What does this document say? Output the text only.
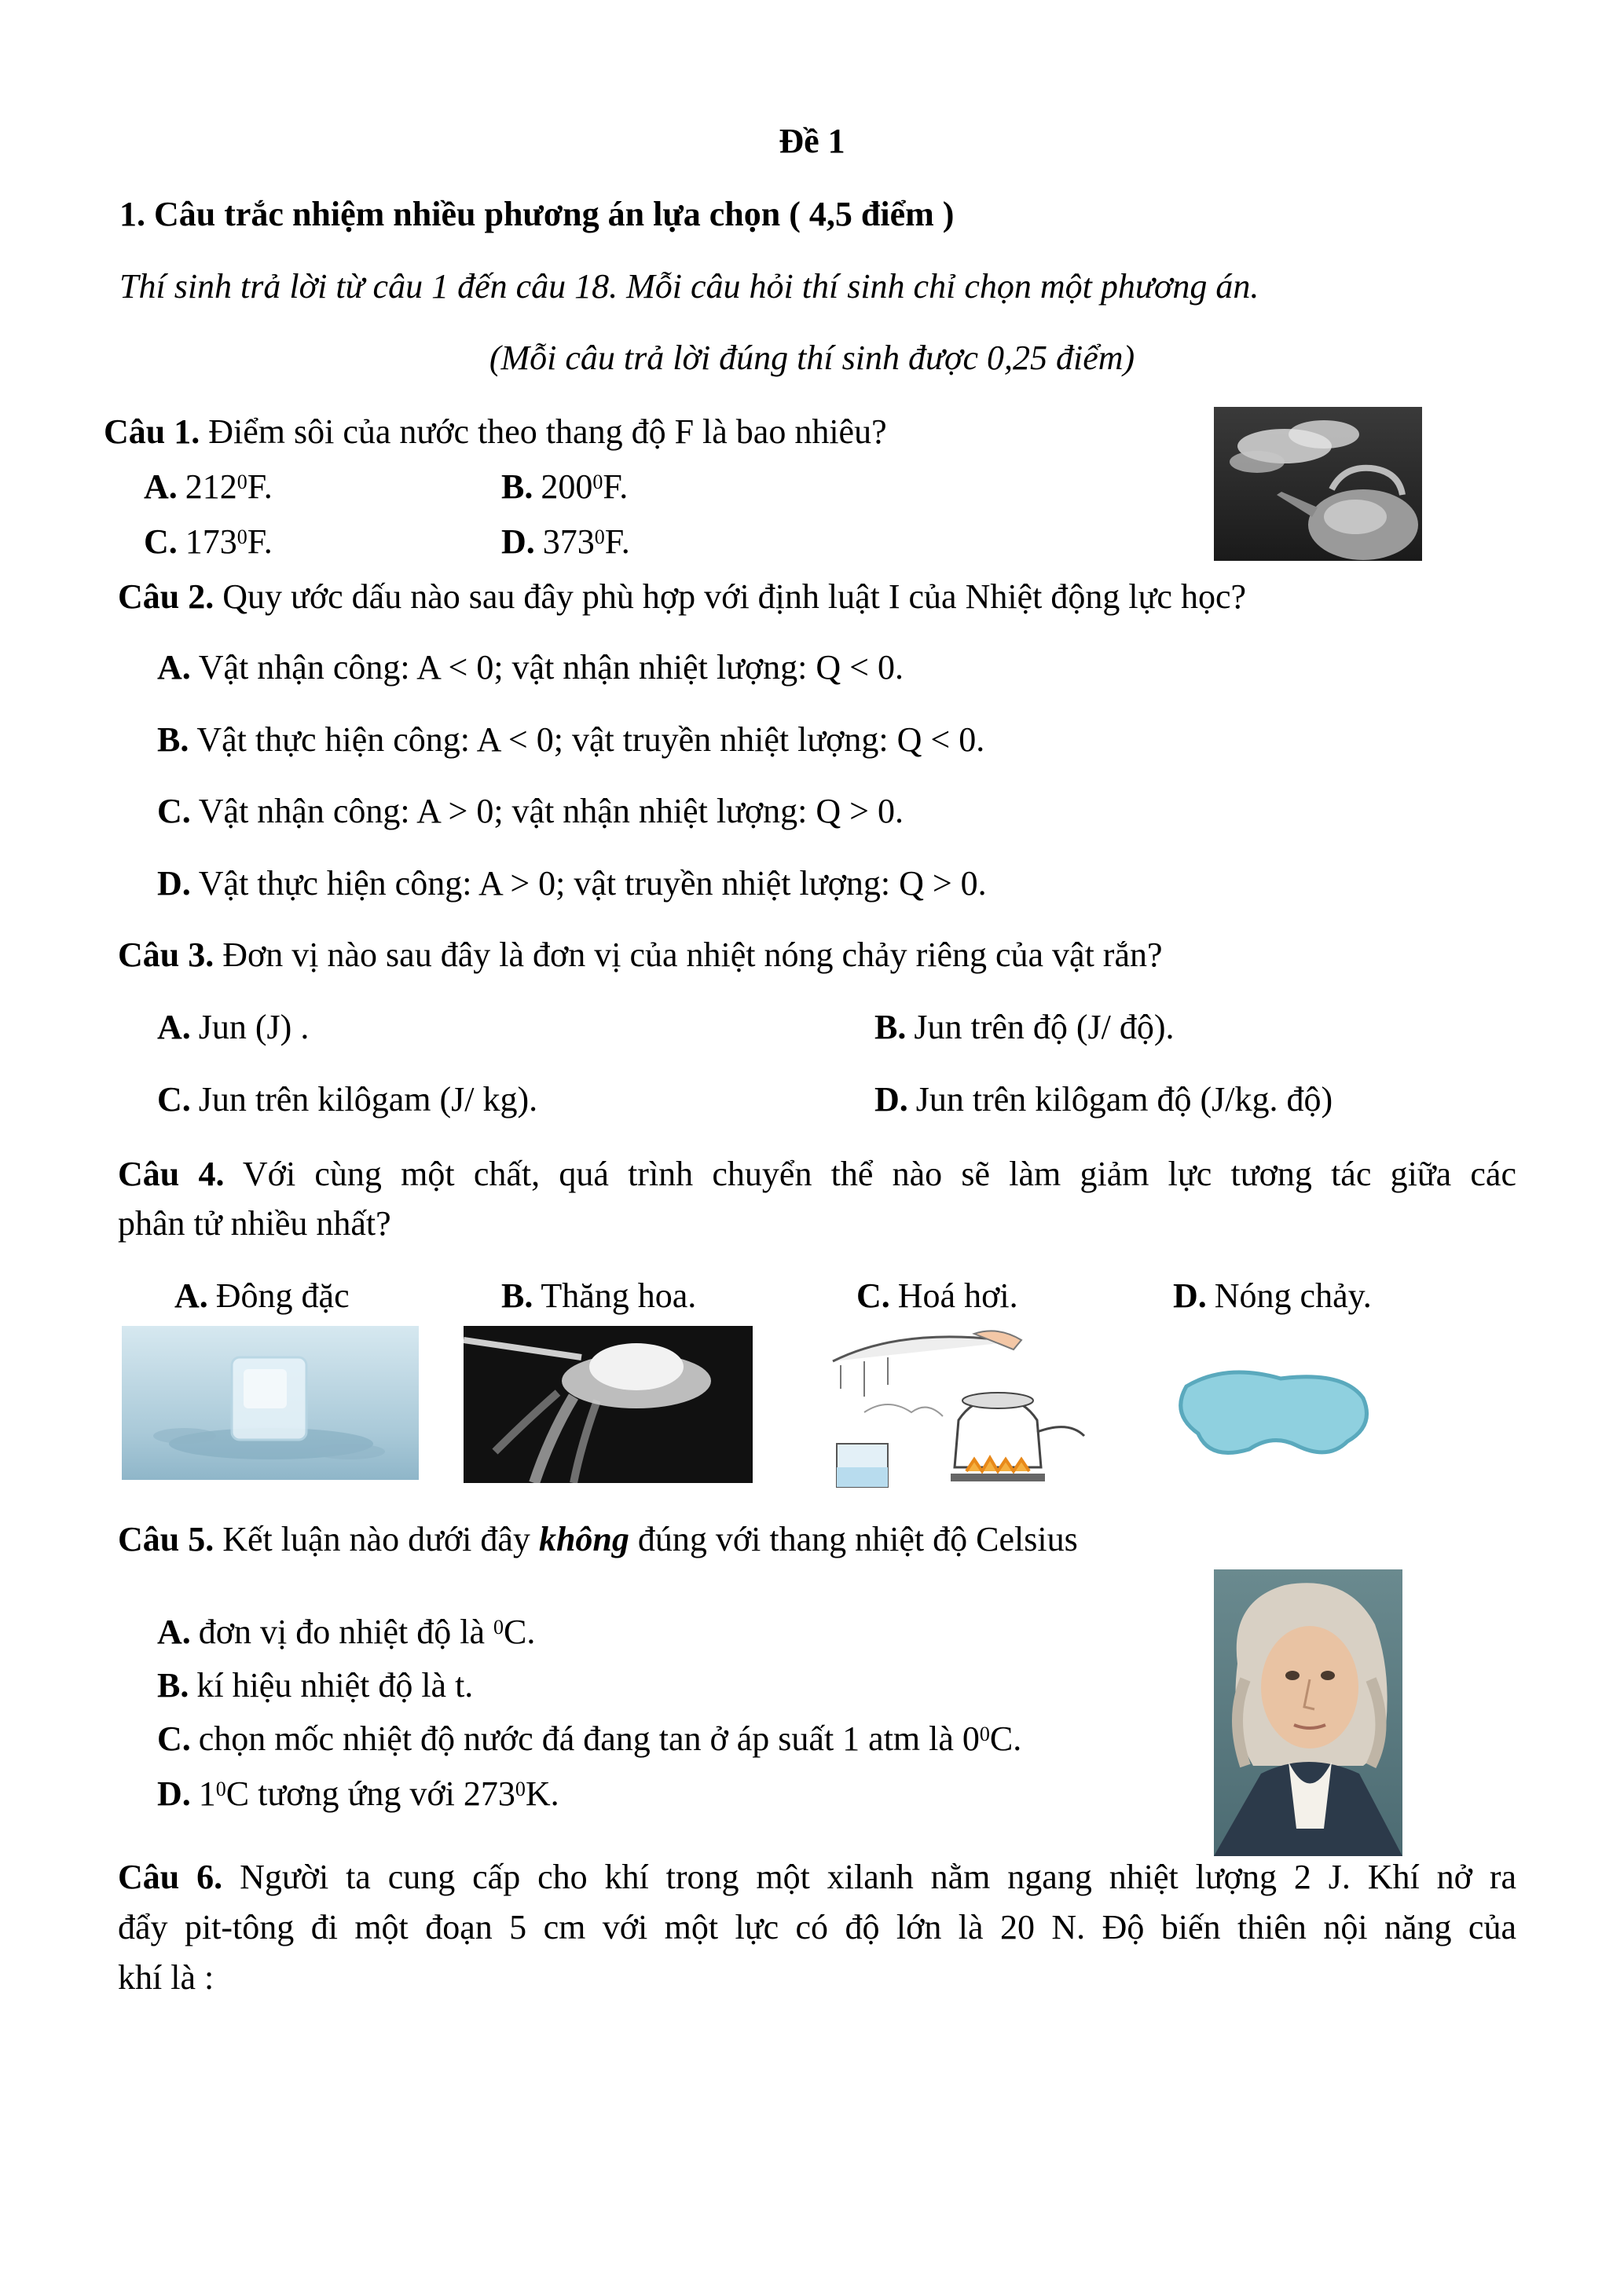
Đề 1
1. Câu trắc nhiệm nhiều phương án lựa chọn ( 4,5 điểm )
Thí sinh trả lời từ câu 1 đến câu 18. Mỗi câu hỏi thí sinh chỉ chọn một phương án.
(Mỗi câu trả lời đúng thí sinh được 0,25 điểm)
Câu 1. Điểm sôi của nước theo thang độ F là bao nhiêu?
A. $212^0F$.	B. $200^0F$.
C. $173^0F$.	D. $373^0F$.
Câu 2. Quy ước dấu nào sau đây phù hợp với định luật I của Nhiệt động lực học?
A. Vật nhận công: A < 0; vật nhận nhiệt lượng: Q < 0.
B. Vật thực hiện công: A < 0; vật truyền nhiệt lượng: Q < 0.
C. Vật nhận công: A > 0; vật nhận nhiệt lượng: Q > 0.
D. Vật thực hiện công: A > 0; vật truyền nhiệt lượng: Q > 0.
Câu 3. Đơn vị nào sau đây là đơn vị của nhiệt nóng chảy riêng của vật rắn?
A. Jun (J) .	B. Jun trên độ (J/ độ).
C. Jun trên kilôgam (J/ kg).	D. Jun trên kilôgam độ (J/kg. độ)
Câu 4. Với cùng một chất, quá trình chuyển thể nào sẽ làm giảm lực tương tác giữa các
phân tử nhiều nhất?
A. Đông đặc	B. Thăng hoa.	C. Hoá hơi.	D. Nóng chảy.
Câu 5. Kết luận nào dưới đây không đúng với thang nhiệt độ Celsius
A. đơn vị đo nhiệt độ là $^0$C.
B. kí hiệu nhiệt độ là t.
C. chọn mốc nhiệt độ nước đá đang tan ở áp suất 1 atm là $0^0C$.
D. $1^0C$ tương ứng với $273^0K$.
Câu 6. Người ta cung cấp cho khí trong một xilanh nằm ngang nhiệt lượng 2 J. Khí nở ra
đẩy pit-tông đi một đoạn 5 cm với một lực có độ lớn là 20 N. Độ biến thiên nội năng của
khí là :
